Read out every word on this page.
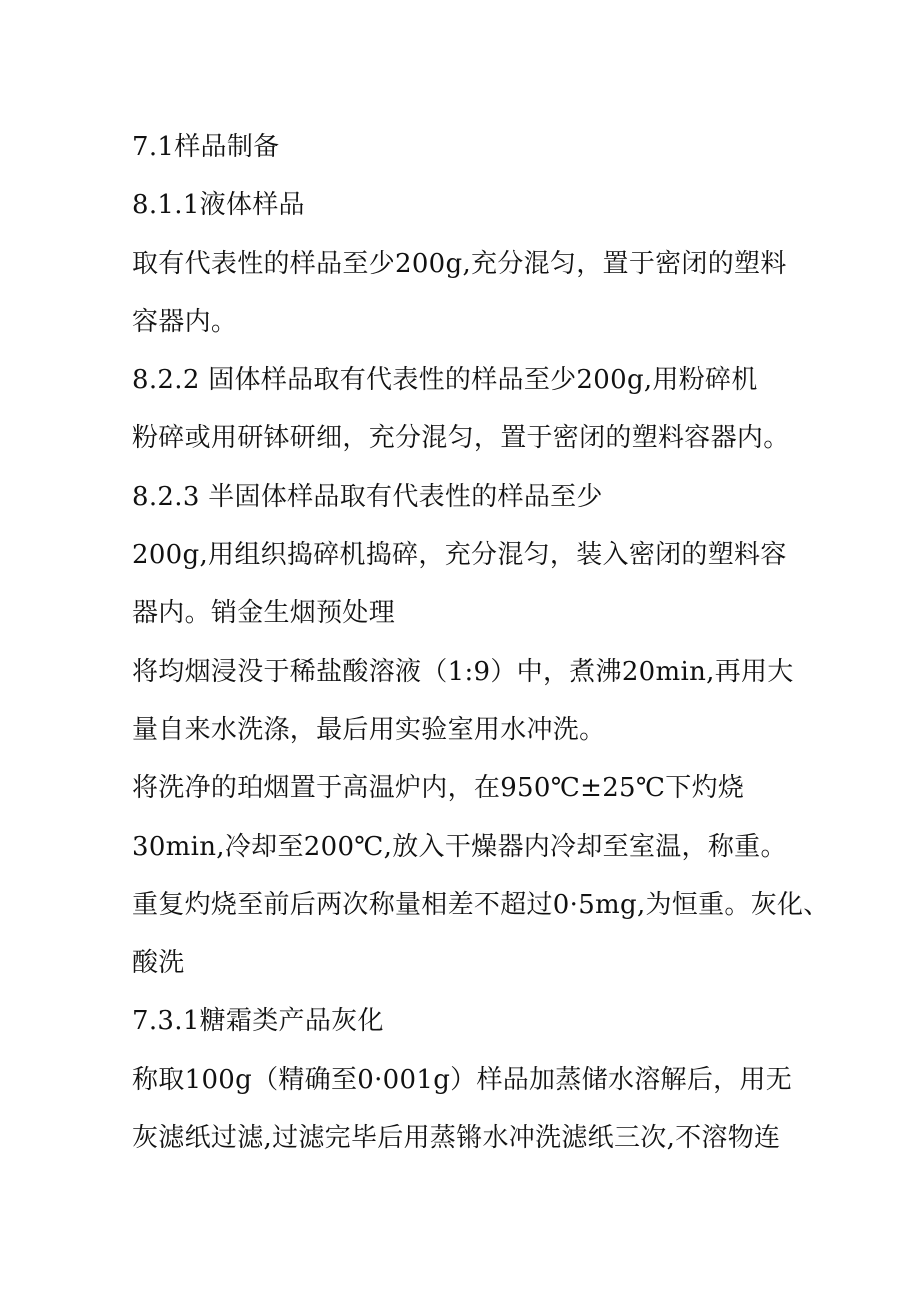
7.1样品制备
8.1.1液体样品
取有代表性的样品至少200g,充分混匀，置于密闭的塑料
容器内。
8.2.2 固体样品取有代表性的样品至少200g,用粉碎机
粉碎或用研钵研细，充分混匀，置于密闭的塑料容器内。
8.2.3 半固体样品取有代表性的样品至少
200g,用组织捣碎机捣碎，充分混匀，装入密闭的塑料容
器内。销金生烟预处理
将均烟浸没于稀盐酸溶液（1:9）中，煮沸20min,再用大
量自来水洗涤，最后用实验室用水冲洗。
将洗净的珀烟置于高温炉内，在950℃±25℃下灼烧
30min,冷却至200℃,放入干燥器内冷却至室温，称重。
重复灼烧至前后两次称量相差不超过0·5mg,为恒重。灰化、
酸洗
7.3.1糖霜类产品灰化
称取100g（精确至0·001g）样品加蒸储水溶解后，用无
灰滤纸过滤,过滤完毕后用蒸锵水冲洗滤纸三次,不溶物连
